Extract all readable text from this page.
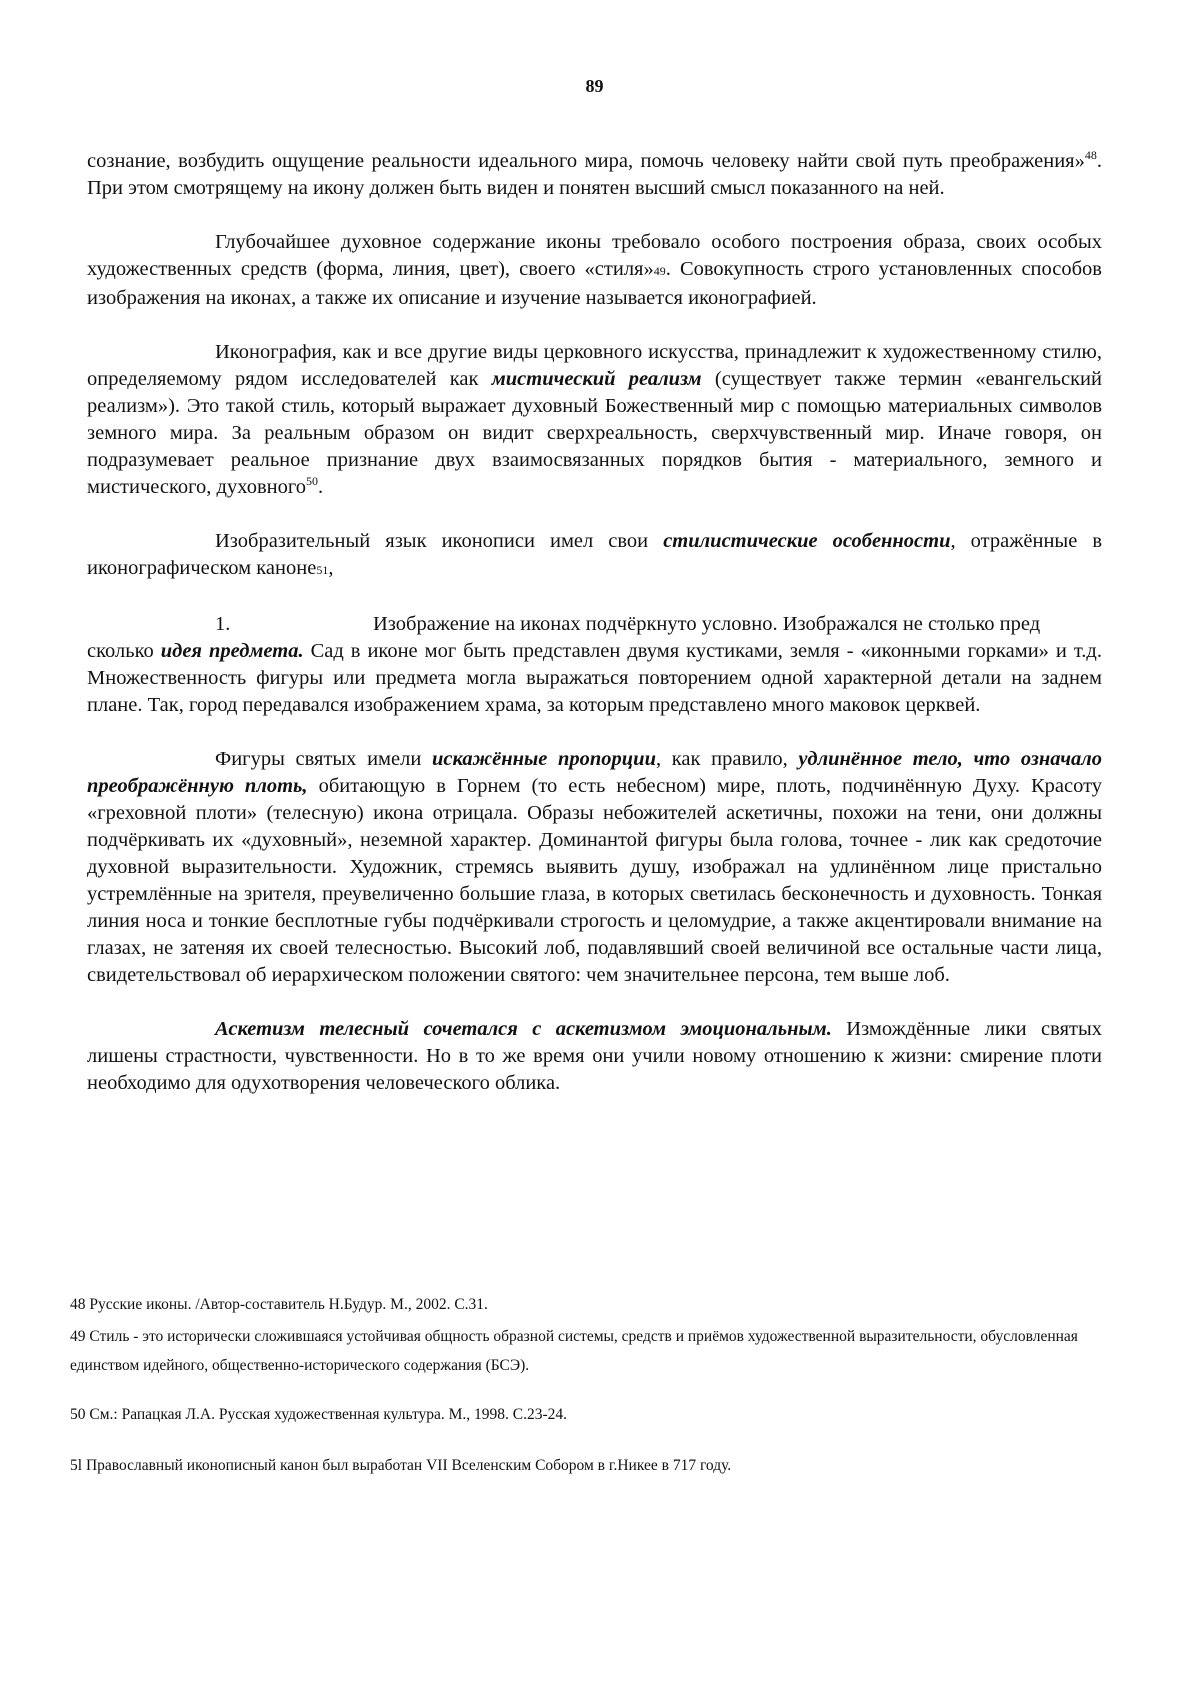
89

сознание, возбудить ощущение реальности идеального мира, помочь человеку найти свой путь преображения»$^{48}$. При этом смотрящему на икону должен быть виден и понятен высший смысл показанного на ней.

Глубочайшее духовное содержание иконы требовало особого построения образа, своих особых художественных средств (форма, линия, цвет), своего «стиля»49. Совокупность строго установленных способов изображения на иконах, а также их описание и изучение называется иконографией.

Иконография, как и все другие виды церковного искусства, принадлежит к художественному стилю, определяемому рядом исследователей как мистический реализм (существует также термин «евангельский реализм»). Это такой стиль, который выражает духовный Божественный мир с помощью материальных символов земного мира. За реальным образом он видит сверхреальность, сверхчувственный мир. Иначе говоря, он подразумевает реальное признание двух взаимосвязанных порядков бытия - материального, земного и мистического, духовного$^{50}$.

Изобразительный язык иконописи имел свои стилистические особенности, отражённые в иконографическом каноне51,

1.	Изображение на иконах подчёркнуто условно. Изображался не столько пред

сколько идея предмета. Сад в иконе мог быть представлен двумя кустиками, земля - «иконными горками» и т.д. Множественность фигуры или предмета могла выражаться повторением одной характерной детали на заднем плане. Так, город передавался изображением храма, за которым представлено много маковок церквей.

Фигуры святых имели искажённые пропорции, как правило, удлинённое тело, что означало преображённую плоть, обитающую в Горнем (то есть небесном) мире, плоть, подчинённую Духу. Красоту «греховной плоти» (телесную) икона отрицала. Образы небожителей аскетичны, похожи на тени, они должны подчёркивать их «духовный», неземной характер. Доминантой фигуры была голова, точнее - лик как средоточие духовной выразительности. Художник, стремясь выявить душу, изображал на удлинённом лице пристально устремлённые на зрителя, преувеличенно большие глаза, в которых светилась бесконечность и духовность. Тонкая линия носа и тонкие бесплотные губы подчёркивали строгость и целомудрие, а также акцентировали внимание на глазах, не затеняя их своей телесностью. Высокий лоб, подавлявший своей величиной все остальные части лица, свидетельствовал об иерархическом положении святого: чем значительнее персона, тем выше лоб.

Аскетизм телесный сочетался с аскетизмом эмоциональным. Измождённые лики святых лишены страстности, чувственности. Но в то же время они учили новому отношению к жизни: смирение плоти необходимо для одухотворения человеческого облика.

48 Русские иконы. /Автор-составитель Н.Будур. М., 2002. С.31.

49 Стиль - это исторически сложившаяся устойчивая общность образной системы, средств и приёмов художественной выразительности, обусловленная единством идейного, общественно-исторического содержания (БСЭ).

50 См.: Рапацкая Л.А. Русская художественная культура. М., 1998. С.23-24.

5l Православный иконописный канон был выработан VII Вселенским Собором в г.Никее в 717 году.
